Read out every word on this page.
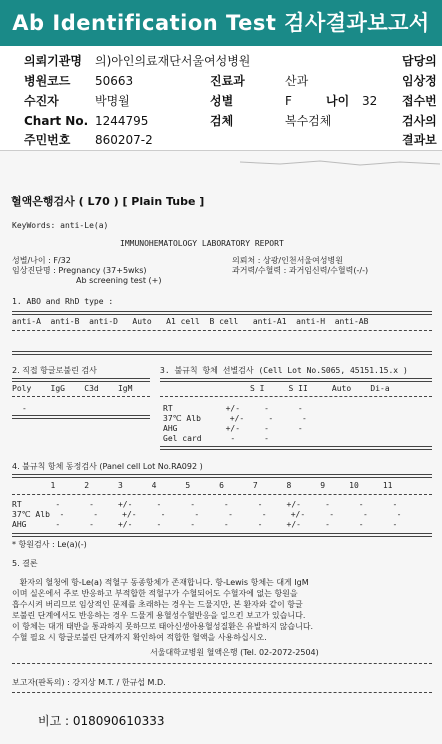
Ab Identification Test 검사결과보고서
의뢰기관명 의)아인의료재단서울여성병원	담당의
병원코드 50663	진료과	산과	임상정
수진자	박명월	성별	F	나이 32 접수번
Chart No. 1244795	검체	복수검체	검사의
주민번호 860207-2	결과보
혈액은행검사 ( L70 ) [ Plain Tube ]
KeyWords: anti-Le(a)
IMMUNOHEMATOLOGY LABORATORY REPORT
성별/나이 : F/32	의뢰처 : 상광/인천서울여성병원
임상진단명 : Pregnancy (37+5wks)	과거력/수혈력 : 과거임신력/수혈력(-/-)
Ab screening test (+)
1. ABO and RhD type :
anti-A  anti-B  anti-D   Auto   A1 cell  B cell   anti-A1  anti-H  anti-AB
2. 직접 항글로불린 검사	3. 불규칙 항체 선별검사 (Cell Lot No.S065, 45151.15.x )
Poly    IgG    C3d    IgM	S I     S II     Auto    Di-a
-	RT           +/-     -      -
37℃ Alb      +/-     -      -
AHG          +/-     -      -
Gel card      -      -
4. 불규칙 항체 동정검사 (Panel cell Lot No.RA092 )
1      2      3      4      5      6      7      8      9     10     11
RT       -      -     +/-     -      -      -      -     +/-     -      -      -
37℃ Alb  -      -     +/-     -      -      -      -     +/-     -      -      -
AHG      -      -     +/-     -      -      -      -     +/-     -      -      -
* 항원검사 : Le(a)(-)
5. 결론
환자의 혈청에 항-Le(a) 적혈구 동종항체가 존재합니다. 항-Lewis 항체는 대게 IgM
이며 실온에서 주로 반응하고 부적합한 적혈구가 수혈되어도 수혈자에 없는 항원을
흡수시켜 버리므로 임상적인 문제를 초래하는 경우는 드물지만, 본 환자와 같이 항글
로불린 단계에서도 반응하는 경우 드물게 용혈성수혈반응을 일으킨 보고가 있습니다.
이 항체는 대개 태반을 통과하지 못하므로 태아신생아용혈성질환은 유발하지 않습니다.
수혈 필요 시 항글로불린 단계까지 확인하여 적합한 혈액을 사용하십시오.
서울대학교병원 혈액은행 (Tel. 02-2072-2504)
보고자(판독의) : 강지상 M.T. / 한규섭 M.D.
비고 : 018090610333
